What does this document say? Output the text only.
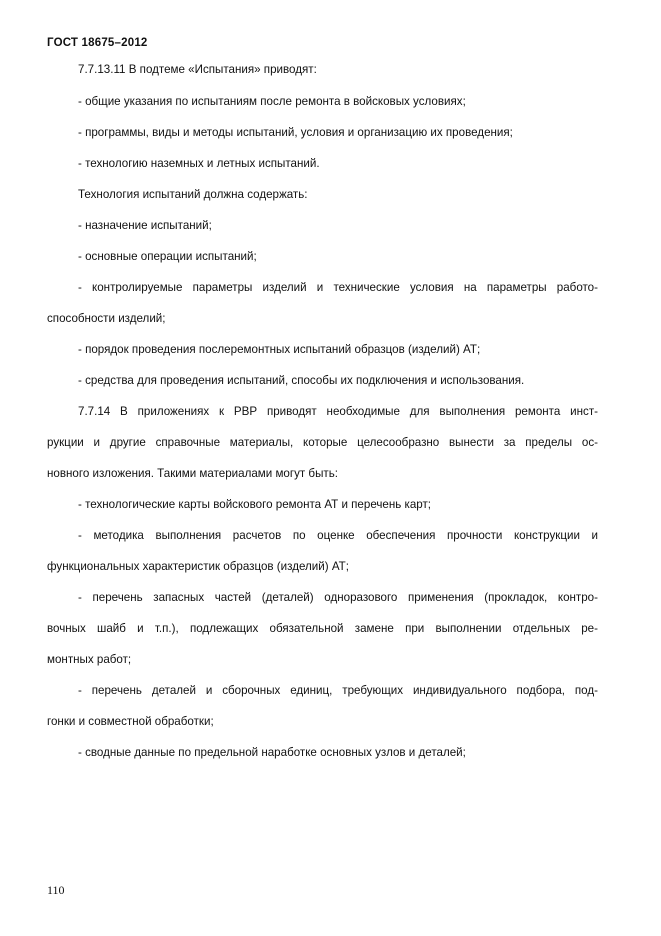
ГОСТ 18675–2012
7.7.13.11 В подтеме «Испытания» приводят:
- общие указания по испытаниям после ремонта в войсковых условиях;
- программы, виды и методы испытаний, условия и организацию их проведения;
- технологию наземных и летных испытаний.
Технология испытаний должна содержать:
- назначение испытаний;
- основные операции испытаний;
- контролируемые параметры изделий и технические условия на параметры работо-
способности изделий;
- порядок проведения послеремонтных испытаний образцов (изделий) АТ;
- средства для проведения испытаний, способы их подключения и использования.
7.7.14 В приложениях к РВР приводят необходимые для выполнения ремонта инст-
рукции и другие справочные материалы, которые целесообразно вынести за пределы ос-
новного изложения. Такими материалами могут быть:
- технологические карты войскового ремонта АТ и перечень карт;
- методика выполнения расчетов по оценке обеспечения прочности конструкции и
функциональных характеристик образцов (изделий) АТ;
- перечень запасных частей (деталей) одноразового применения (прокладок, контро-
вочных шайб и т.п.), подлежащих обязательной замене при выполнении отдельных ре-
монтных работ;
- перечень деталей и сборочных единиц, требующих индивидуального подбора, под-
гонки и совместной обработки;
- сводные данные по предельной наработке основных узлов и деталей;
110
